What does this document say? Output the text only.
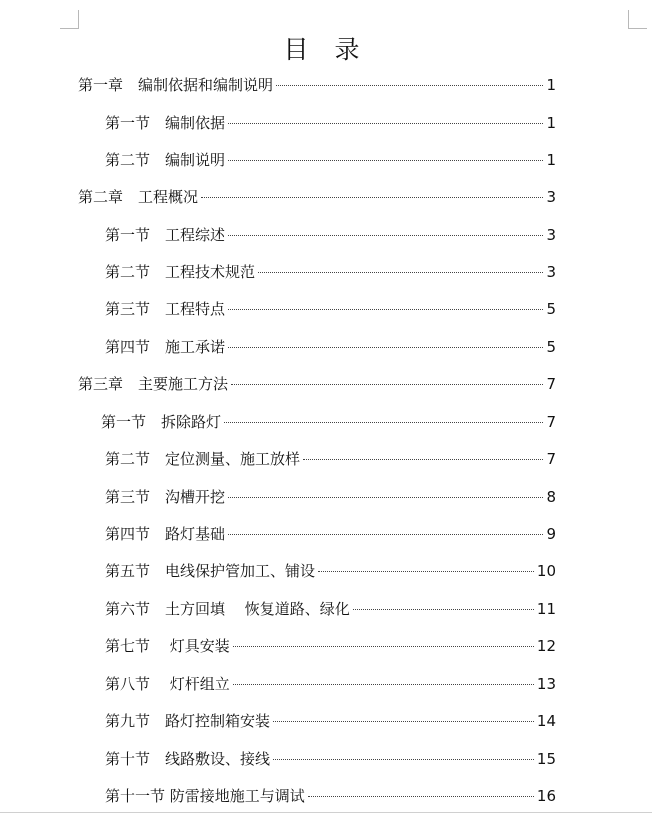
目 录
第一章　编制依据和编制说明	1
第一节　编制依据	1
第二节　编制说明	1
第二章　工程概况	3
第一节　工程综述	3
第二节　工程技术规范	3
第三节　工程特点	5
第四节　施工承诺	5
第三章　主要施工方法	7
第一节　拆除路灯	7
第二节　定位测量、施工放样	7
第三节　沟槽开挖	8
第四节　路灯基础	9
第五节　电线保护管加工、铺设	10
第六节　土方回填　 恢复道路、绿化	11
第七节　 灯具安装	12
第八节　 灯杆组立	13
第九节　路灯控制箱安装	14
第十节　线路敷设、接线	15
第十一节 防雷接地施工与调试	16
